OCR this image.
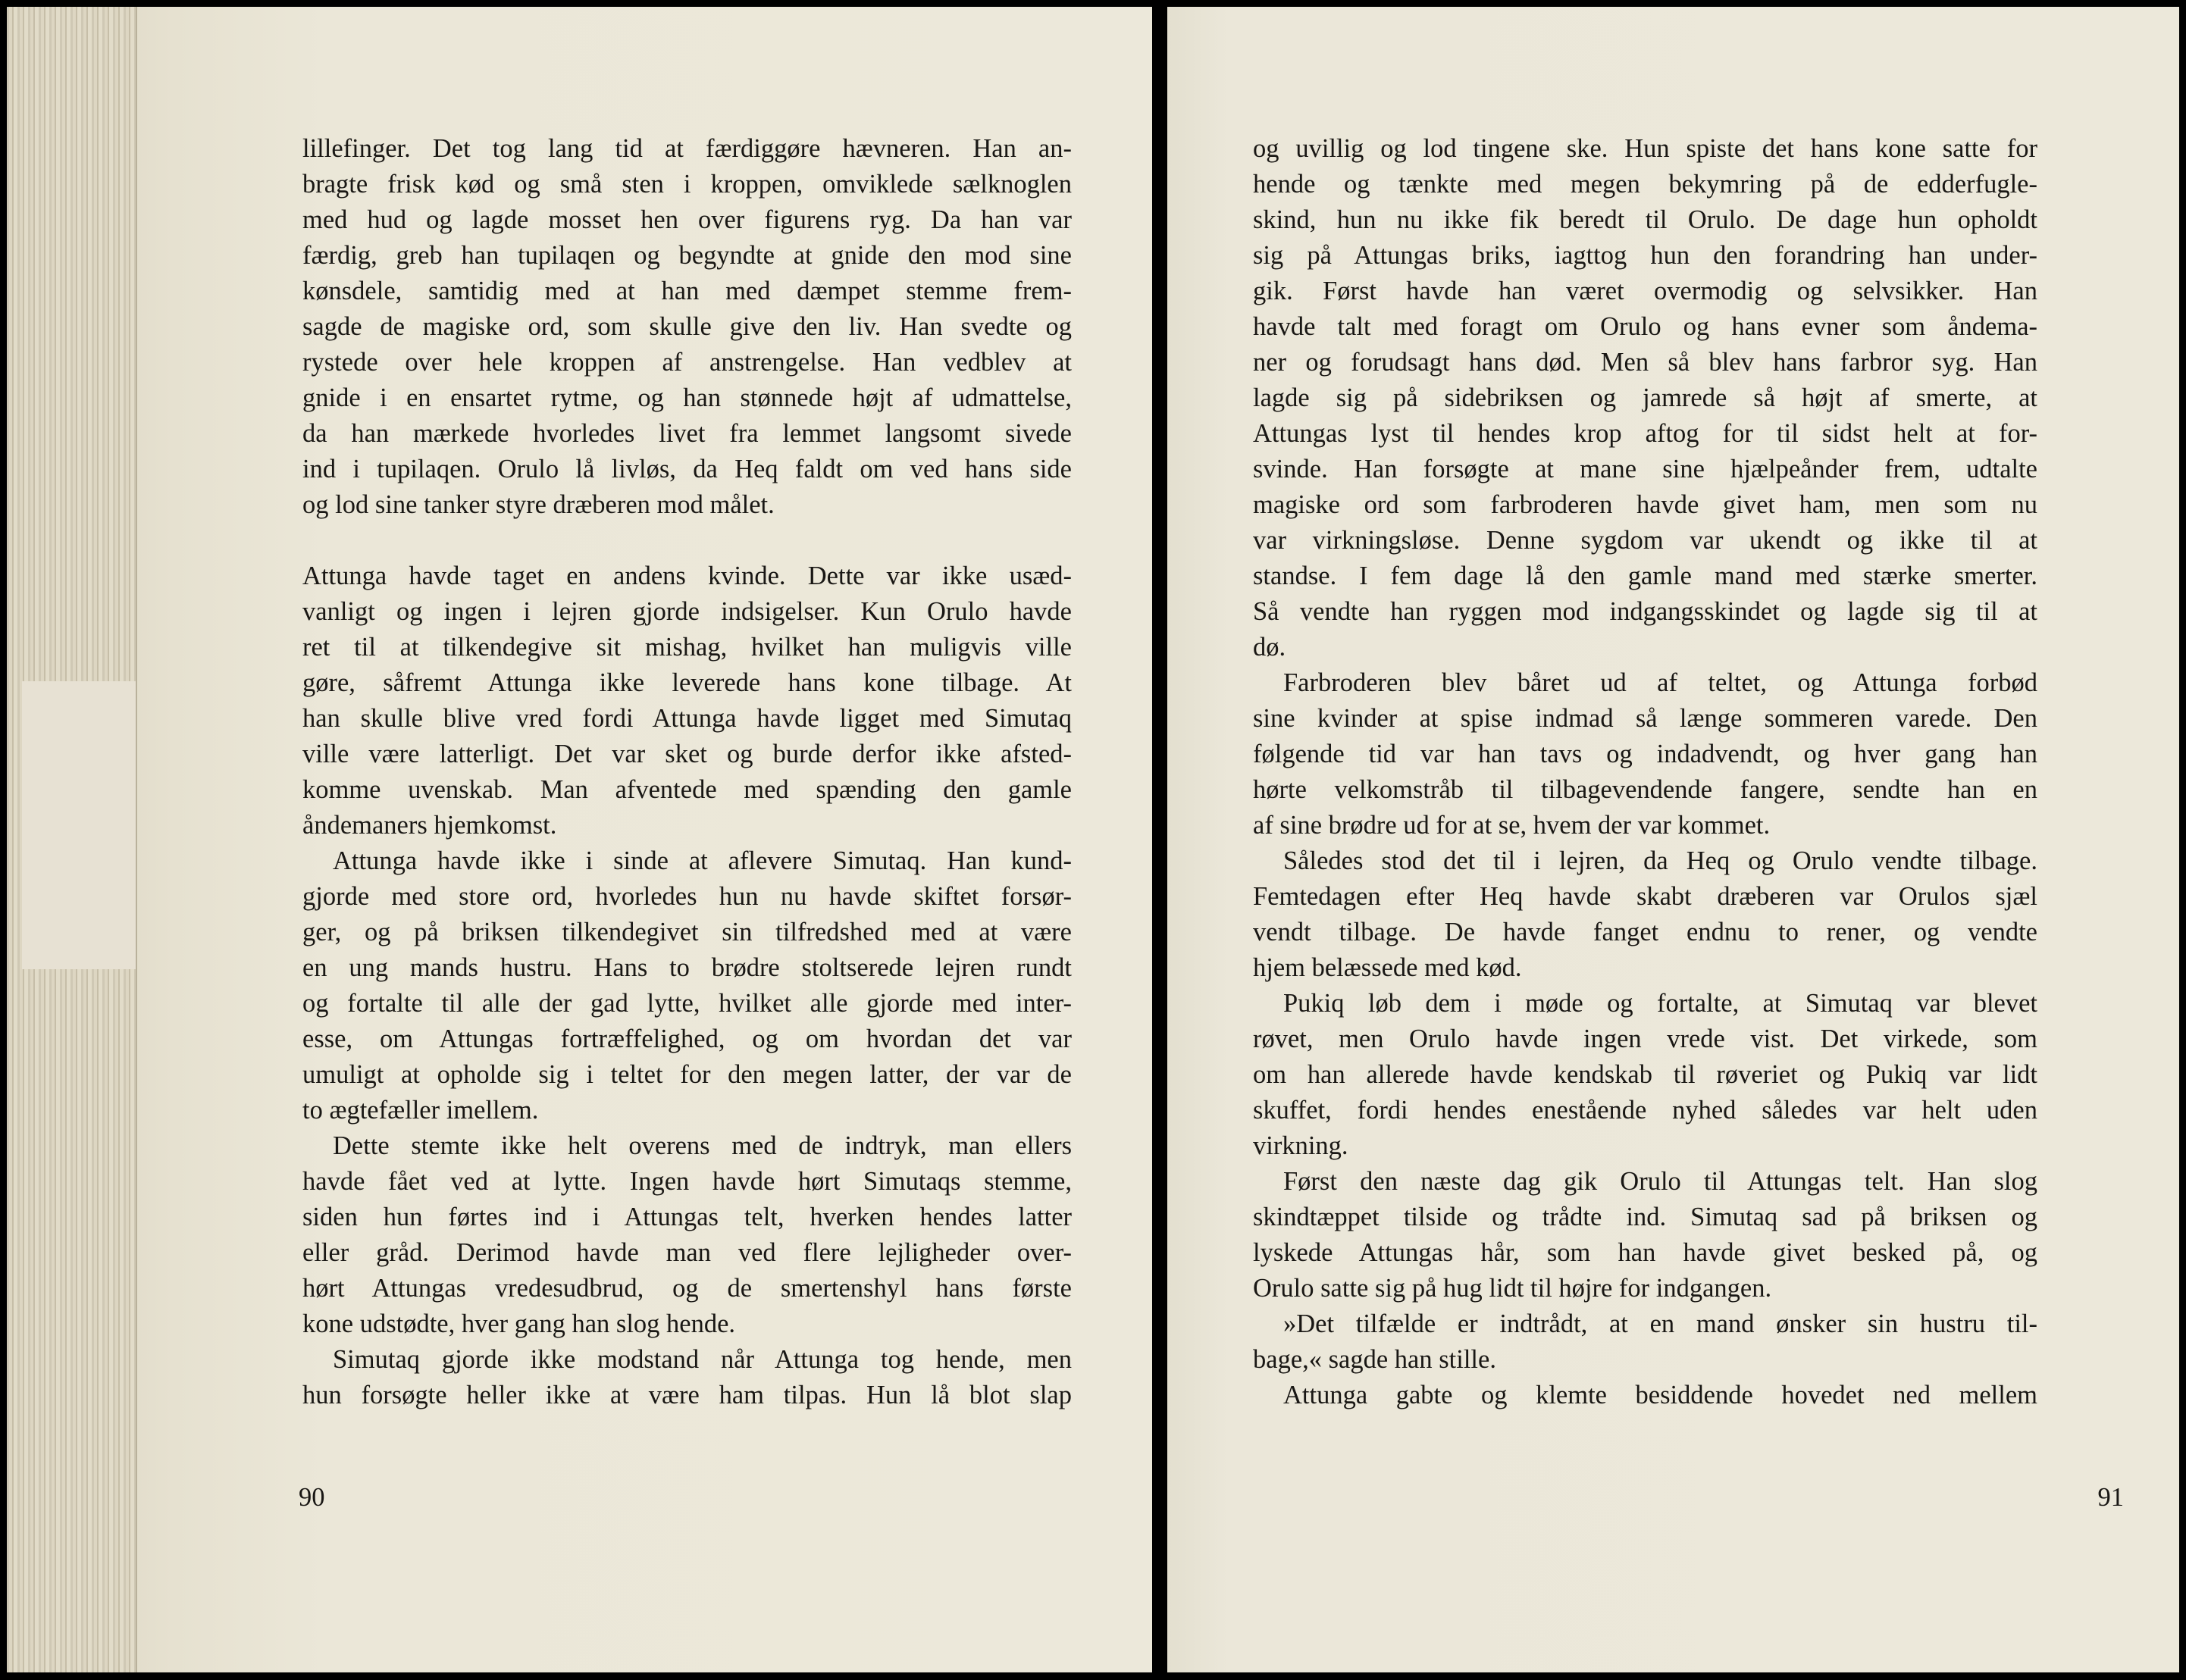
lillefinger. Det tog lang tid at færdiggøre hævneren. Han an-

bragte frisk kød og små sten i kroppen, omviklede sælknoglen

med hud og lagde mosset hen over figurens ryg. Da han var

færdig, greb han tupilaqen og begyndte at gnide den mod sine

kønsdele, samtidig med at han med dæmpet stemme frem-

sagde de magiske ord, som skulle give den liv. Han svedte og

rystede over hele kroppen af anstrengelse. Han vedblev at

gnide i en ensartet rytme, og han stønnede højt af udmattelse,

da han mærkede hvorledes livet fra lemmet langsomt sivede

ind i tupilaqen. Orulo lå livløs, da Heq faldt om ved hans side

og lod sine tanker styre dræberen mod målet.

Attunga havde taget en andens kvinde. Dette var ikke usæd-

vanligt og ingen i lejren gjorde indsigelser. Kun Orulo havde

ret til at tilkendegive sit mishag, hvilket han muligvis ville

gøre, såfremt Attunga ikke leverede hans kone tilbage. At

han skulle blive vred fordi Attunga havde ligget med Simutaq

ville være latterligt. Det var sket og burde derfor ikke afsted-

komme uvenskab. Man afventede med spænding den gamle

åndemaners hjemkomst.

Attunga havde ikke i sinde at aflevere Simutaq. Han kund-

gjorde med store ord, hvorledes hun nu havde skiftet forsør-

ger, og på briksen tilkendegivet sin tilfredshed med at være

en ung mands hustru. Hans to brødre stoltserede lejren rundt

og fortalte til alle der gad lytte, hvilket alle gjorde med inter-

esse, om Attungas fortræffelighed, og om hvordan det var

umuligt at opholde sig i teltet for den megen latter, der var de

to ægtefæller imellem.

Dette stemte ikke helt overens med de indtryk, man ellers

havde fået ved at lytte. Ingen havde hørt Simutaqs stemme,

siden hun førtes ind i Attungas telt, hverken hendes latter

eller gråd. Derimod havde man ved flere lejligheder over-

hørt Attungas vredesudbrud, og de smertenshyl hans første

kone udstødte, hver gang han slog hende.

Simutaq gjorde ikke modstand når Attunga tog hende, men

hun forsøgte heller ikke at være ham tilpas. Hun lå blot slap

90

og uvillig og lod tingene ske. Hun spiste det hans kone satte for

hende og tænkte med megen bekymring på de edderfugle-

skind, hun nu ikke fik beredt til Orulo. De dage hun opholdt

sig på Attungas briks, iagttog hun den forandring han under-

gik. Først havde han været overmodig og selvsikker. Han

havde talt med foragt om Orulo og hans evner som åndema-

ner og forudsagt hans død. Men så blev hans farbror syg. Han

lagde sig på sidebriksen og jamrede så højt af smerte, at

Attungas lyst til hendes krop aftog for til sidst helt at for-

svinde. Han forsøgte at mane sine hjælpeånder frem, udtalte

magiske ord som farbroderen havde givet ham, men som nu

var virkningsløse. Denne sygdom var ukendt og ikke til at

standse. I fem dage lå den gamle mand med stærke smerter.

Så vendte han ryggen mod indgangsskindet og lagde sig til at

dø.

Farbroderen blev båret ud af teltet, og Attunga forbød

sine kvinder at spise indmad så længe sommeren varede. Den

følgende tid var han tavs og indadvendt, og hver gang han

hørte velkomstråb til tilbagevendende fangere, sendte han en

af sine brødre ud for at se, hvem der var kommet.

Således stod det til i lejren, da Heq og Orulo vendte tilbage.

Femtedagen efter Heq havde skabt dræberen var Orulos sjæl

vendt tilbage. De havde fanget endnu to rener, og vendte

hjem belæssede med kød.

Pukiq løb dem i møde og fortalte, at Simutaq var blevet

røvet, men Orulo havde ingen vrede vist. Det virkede, som

om han allerede havde kendskab til røveriet og Pukiq var lidt

skuffet, fordi hendes enestående nyhed således var helt uden

virkning.

Først den næste dag gik Orulo til Attungas telt. Han slog

skindtæppet tilside og trådte ind. Simutaq sad på briksen og

lyskede Attungas hår, som han havde givet besked på, og

Orulo satte sig på hug lidt til højre for indgangen.

»Det tilfælde er indtrådt, at en mand ønsker sin hustru til-

bage,« sagde han stille.

Attunga gabte og klemte besiddende hovedet ned mellem

91
